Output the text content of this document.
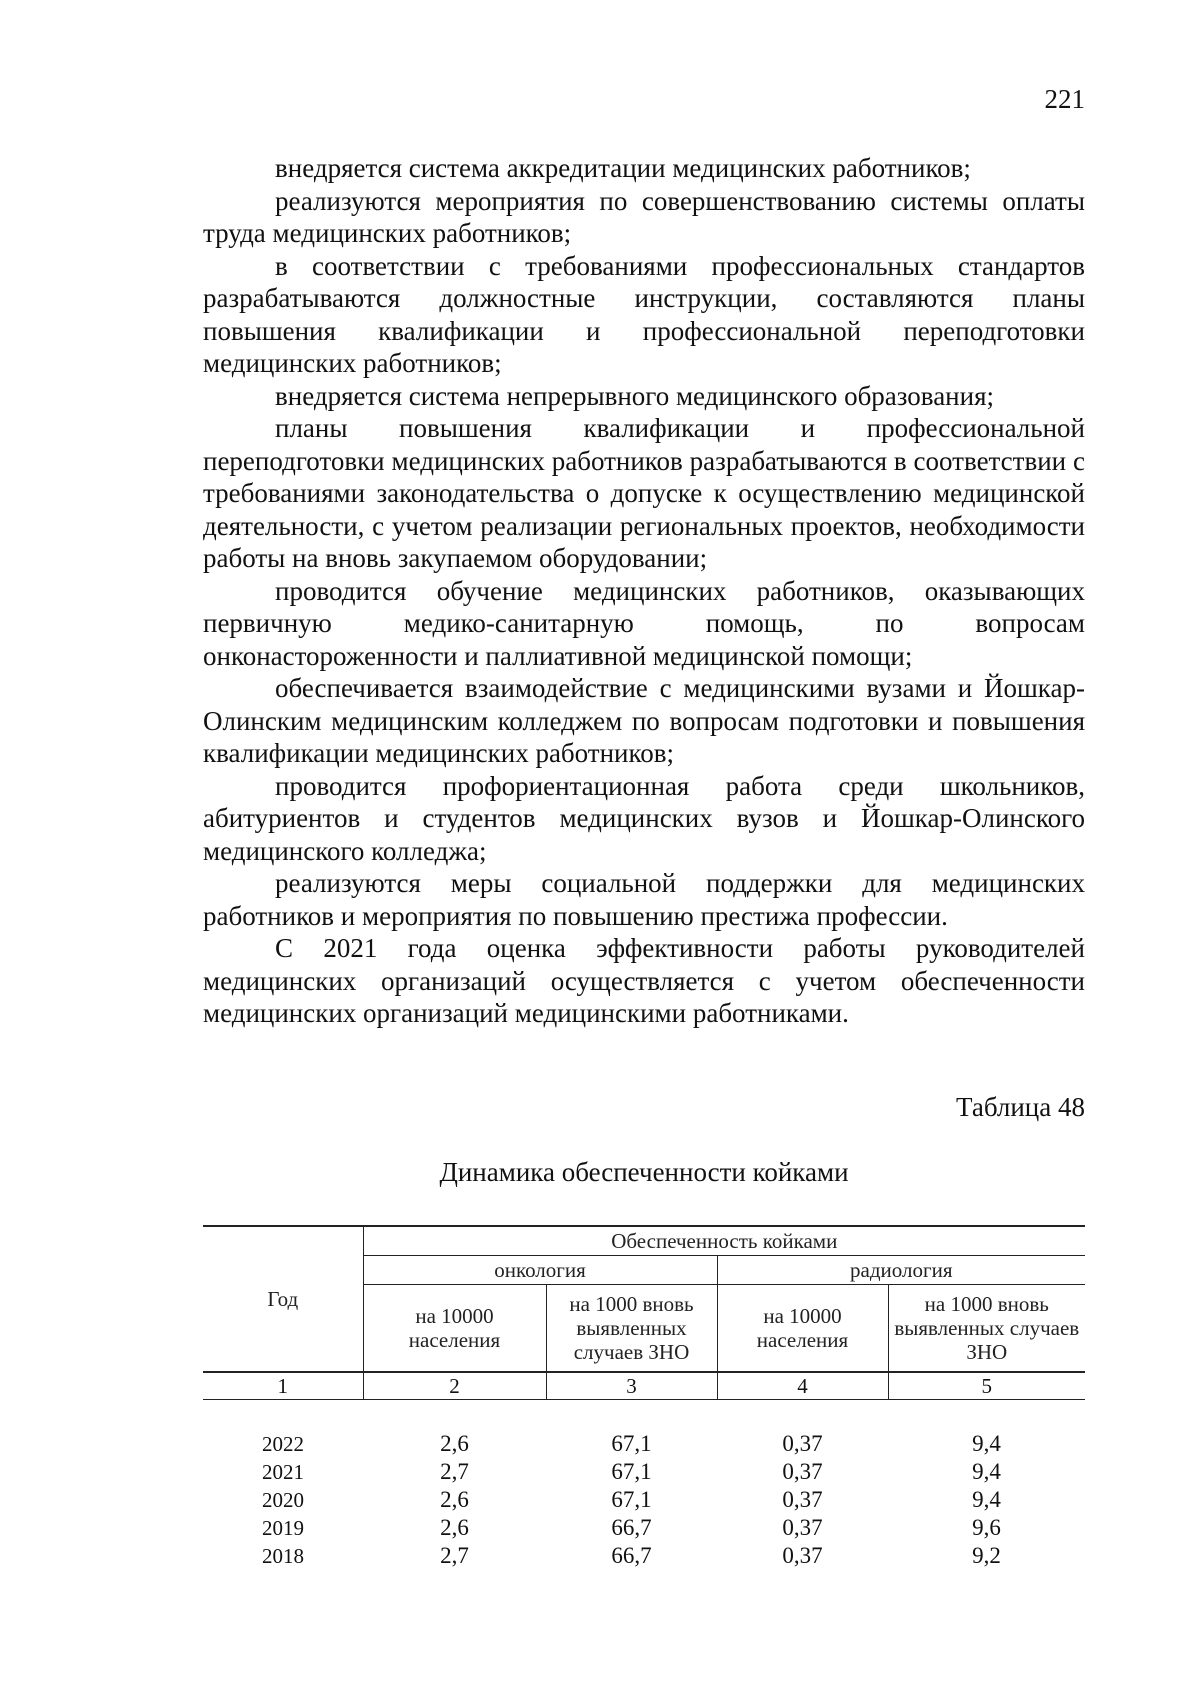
221

внедряется система аккредитации медицинских работников;

реализуются мероприятия по совершенствованию системы оплаты труда медицинских работников;

в соответствии с требованиями профессиональных стандартов разрабатываются должностные инструкции, составляются планы повышения квалификации и профессиональной переподготовки медицинских работников;

внедряется система непрерывного медицинского образования;

планы повышения квалификации и профессиональной переподготовки медицинских работников разрабатываются в соответствии с требованиями законодательства о допуске к осуществлению медицинской деятельности, с учетом реализации региональных проектов, необходимости работы на вновь закупаемом оборудовании;

проводится обучение медицинских работников, оказывающих первичную медико-санитарную помощь, по вопросам онконастороженности и паллиативной медицинской помощи;

обеспечивается взаимодействие с медицинскими вузами и Йошкар-Олинским медицинским колледжем по вопросам подготовки и повышения квалификации медицинских работников;

проводится профориентационная работа среди школьников, абитуриентов и студентов медицинских вузов и Йошкар-Олинского медицинского колледжа;

реализуются меры социальной поддержки для медицинских работников и мероприятия по повышению престижа профессии.

С 2021 года оценка эффективности работы руководителей медицинских организаций осуществляется с учетом обеспеченности медицинских организаций медицинскими работниками.

Таблица 48
Динамика обеспеченности койками
Год	Обеспеченность койками			
	онкология		радиология	
	на 10000 населения	на 1000 вновь выявленных случаев ЗНО	на 10000 населения	на 1000 вновь выявленных случаев ЗНО
1	2	3	4	5

2022	2,6	67,1	0,37	9,4
2021	2,7	67,1	0,37	9,4
2020	2,6	67,1	0,37	9,4
2019	2,6	66,7	0,37	9,6
2018	2,7	66,7	0,37	9,2
